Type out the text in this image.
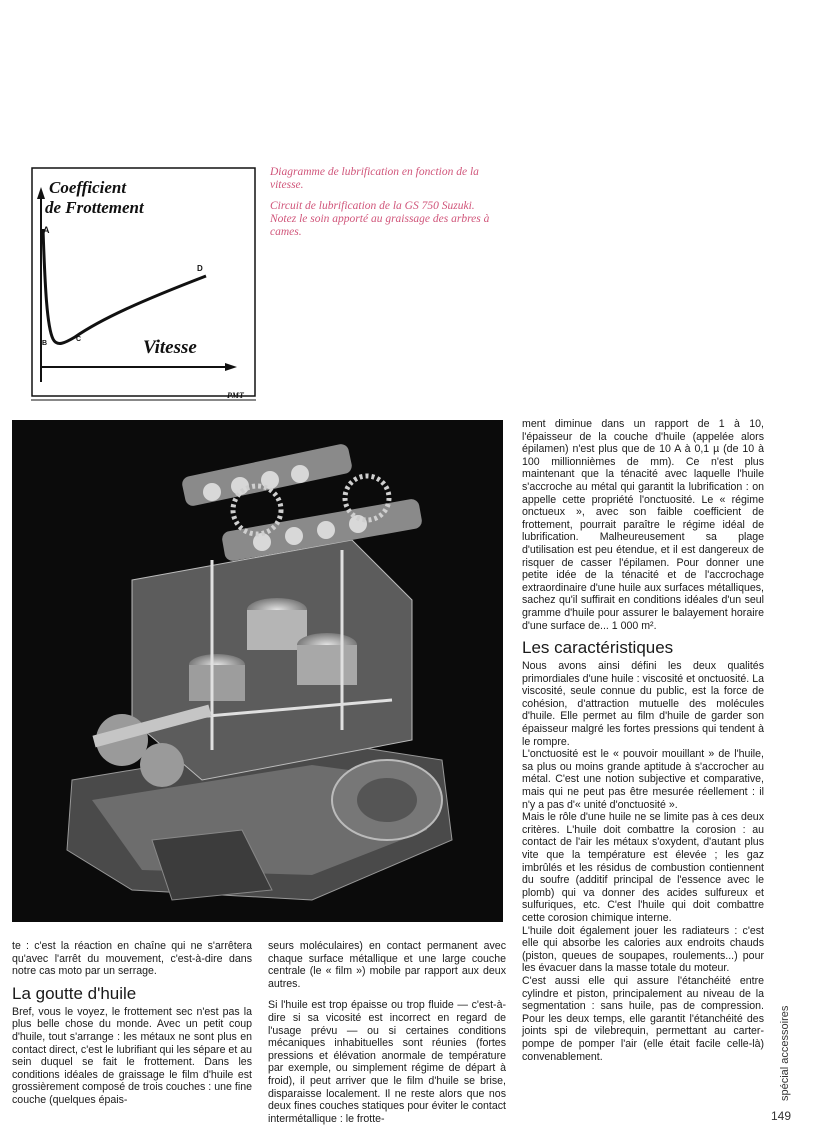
Coefficient
de Frottement
A
B
C
D
Vitesse
PMT

Diagramme de lubrification en fonction de la vitesse.

Circuit de lubrification de la GS 750 Suzuki. Notez le soin apporté au graissage des arbres à cames.

te : c'est la réaction en chaîne qui ne s'arrêtera qu'avec l'arrêt du mouvement, c'est-à-dire dans notre cas moto par un serrage.

La goutte d'huile

Bref, vous le voyez, le frottement sec n'est pas la plus belle chose du monde. Avec un petit coup d'huile, tout s'arrange : les métaux ne sont plus en contact direct, c'est le lubrifiant qui les sépare et au sein duquel se fait le frottement. Dans les conditions idéales de graissage le film d'huile est grossièrement composé de trois couches : une fine couche (quelques épais-

seurs moléculaires) en contact permanent avec chaque surface métallique et une large couche centrale (le « film ») mobile par rapport aux deux autres.

Si l'huile est trop épaisse ou trop fluide — c'est-à-dire si sa vicosité est incorrect en regard de l'usage prévu — ou si certaines conditions mécaniques inhabituelles sont réunies (fortes pressions et élévation anormale de température par exemple, ou simplement régime de départ à froid), il peut arriver que le film d'huile se brise, disparaisse localement. Il ne reste alors que nos deux fines couches statiques pour éviter le contact intermétallique : le frotte-

ment diminue dans un rapport de 1 à 10, l'épaisseur de la couche d'huile (appelée alors épilamen) n'est plus que de 10 A à 0,1 µ (de 10 à 100 millionnièmes de mm). Ce n'est plus maintenant que la ténacité avec laquelle l'huile s'accroche au métal qui garantit la lubrification : on appelle cette propriété l'onctuosité. Le « régime onctueux », avec son faible coefficient de frottement, pourrait paraître le régime idéal de lubrification. Malheureusement sa plage d'utilisation est peu étendue, et il est dangereux de risquer de casser l'épilamen. Pour donner une petite idée de la ténacité et de l'accrochage extraordinaire d'une huile aux surfaces métalliques, sachez qu'il suffirait en conditions idéales d'un seul gramme d'huile pour assurer le balayement horaire d'une surface de... 1 000 m².

Les caractéristiques

Nous avons ainsi défini les deux qualités primordiales d'une huile : viscosité et onctuosité. La viscosité, seule connue du public, est la force de cohésion, d'attraction mutuelle des molécules d'huile. Elle permet au film d'huile de garder son épaisseur malgré les fortes pressions qui tendent à le rompre.

L'onctuosité est le « pouvoir mouillant » de l'huile, sa plus ou moins grande aptitude à s'accrocher au métal. C'est une notion subjective et comparative, mais qui ne peut pas être mesurée réellement : il n'y a pas d'« unité d'onctuosité ».

Mais le rôle d'une huile ne se limite pas à ces deux critères. L'huile doit combattre la corosion : au contact de l'air les métaux s'oxydent, d'autant plus vite que la température est élevée ; les gaz imbrûlés et les résidus de combustion contiennent du soufre (additif principal de l'essence avec le plomb) qui va donner des acides sulfureux et sulfuriques, etc. C'est l'huile qui doit combattre cette corosion chimique interne.

L'huile doit également jouer les radiateurs : c'est elle qui absorbe les calories aux endroits chauds (piston, queues de soupapes, roulements...) pour les évacuer dans la masse totale du moteur.

C'est aussi elle qui assure l'étanchéité entre cylindre et piston, principalement au niveau de la segmentation : sans huile, pas de compression. Pour les deux temps, elle garantit l'étanchéité des joints spi de vilebrequin, permettant au carter-pompe de pomper l'air (elle était facile celle-là) convenablement.	spécial accessoires
149
